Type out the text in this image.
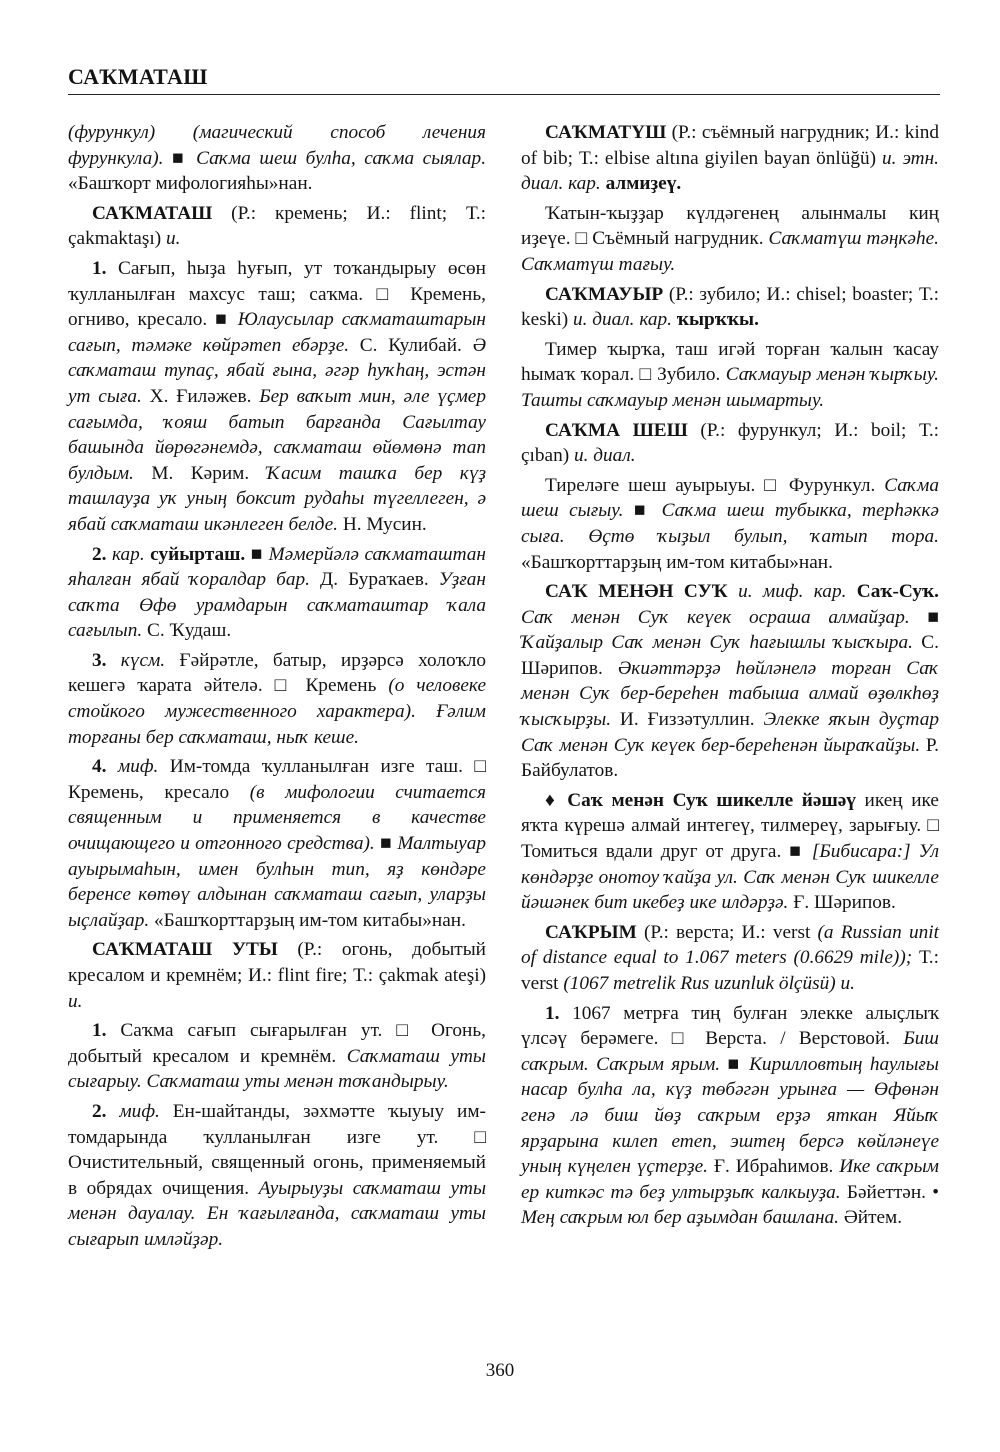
САҠМАТАШ

(фурункул) (магический способ лечения фурункула). ■ Саҡма шеш булһа, саҡма сыялар. «Башҡорт мифологияһы»нан.

САҠМАТАШ (Р.: кремень; И.: flint; Т.: çakmaktaşı) и.

1. Сағып, һыҙа һуғып, ут тоҡандырыу өсөн ҡулланылған махсус таш; саҡма. □ Кремень, огниво, кресало. ■ Юлаусылар саҡматаштарын сағып, тәмәке көйрәтеп ебәрҙе. С. Кулибай. Ә саҡматаш тупаҫ, ябай ғына, әгәр һуҡһаң, эстән ут сыға. Х. Ғиләжев. Бер ваҡыт мин, әле үҫмер сағымда, ҡояш батып барғанда Сағылтау башында йөрөгәнемдә, саҡматаш өйөмөнә тап булдым. М. Кәрим. Ҡасим ташҡа бер күҙ ташлауҙа уҡ уның боксит рудаһы түгеллеген, ә ябай саҡматаш икәнлеген белде. Н. Мусин.

2. кар. суйырташ. ■ Мәмерйәлә саҡматаштан яһалған ябай ҡоралдар бар. Д. Бураҡаев. Уҙған саҡта Өфө урамдарын саҡматаштар ҡала сағылып. С. Ҡудаш.

3. күсм. Ғәйрәтле, батыр, ирҙәрсә холоҡло кешегә ҡарата әйтелә. □ Кремень (о человеке стойкого мужественного характера). Ғәлим торғаны бер саҡматаш, ныҡ кеше.

4. миф. Им-томда ҡулланылған изге таш. □ Кремень, кресало (в мифологии считается священным и применяется в качестве очищающего и отгонного средства). ■ Малтыуар ауырымаһын, имен булһын тип, яҙ көндәре беренсе көтөү алдынан саҡматаш сағып, уларҙы ыҫлайҙар. «Башҡорттарҙың им-том китабы»нан.

САҠМАТАШ УТЫ (Р.: огонь, добытый кресалом и кремнём; И.: flint fire; Т.: çakmak ateşi) и.

1. Саҡма сағып сығарылған ут. □ Огонь, добытый кресалом и кремнём. Саҡматаш уты сығарыу. Саҡматаш уты менән тоҡандырыу.

2. миф. Ен-шайтанды, зәхмәтте ҡыуыу им-томдарында ҡулланылған изге ут. □ Очистительный, священный огонь, применяемый в обрядах очищения. Ауырыуҙы саҡматаш уты менән дауалау. Ен ҡағылғанда, саҡматаш уты сығарып имләйҙәр.

САҠМАТҮШ (Р.: съёмный нагрудник; И.: kind of bib; Т.: elbise altına giyilen bayan önlüğü) и. этн. диал. кар. алмиҙеү.

Ҡатын-ҡыҙҙар күлдәгенең алынмалы киң иҙеүе. □ Съёмный нагрудник. Саҡматүш тәңкәһе. Саҡматүш тағыу.

САҠМАУЫР (Р.: зубило; И.: chisel; boaster; Т.: keski) и. диал. кар. ҡырҡҡы.

Тимер ҡырҡа, таш игәй торған ҡалын ҡасау һымаҡ ҡорал. □ Зубило. Саҡмауыр менән ҡырҡыу. Ташты саҡмауыр менән шымартыу.

САҠМА ШЕШ (Р.: фурункул; И.: boil; Т.: çıban) и. диал.

Тиреләге шеш ауырыуы. □ Фурункул. Саҡма шеш сығыу. ■ Саҡма шеш тубыкка, терһәккә сыға. Өҫтө ҡыҙыл булып, ҡатып тора. «Башҡорттарҙың им-том китабы»нан.

САҠ МЕНӘН СУҠ и. миф. кар. Саҡ-Суҡ. Саҡ менән Суҡ кеүек осраша алмайҙар. ■ Ҡайҙалыр Саҡ менән Суҡ һағышлы ҡысҡыра. С. Шәрипов. Әкиәттәрҙә һөйләнелә торған Саҡ менән Суҡ бер-береһен табыша алмай өҙөлкһөҙ ҡысҡырҙы. И. Ғиззәтуллин. Элекке яҡын дуҫтар Саҡ менән Суҡ кеүек бер-береһенән йыраҡайҙы. Р. Байбулатов.

♦ Саҡ менән Суҡ шикелле йәшәү икең ике яҡта күрешә алмай интегеү, тилмереү, зарығыу. □ Томиться вдали друг от друга. ■ [Бибисара:] Ул көндәрҙе онотоу ҡайҙа ул. Саҡ менән Суҡ шикелле йәшәнек бит икебеҙ икe илдәрҙә. Ғ. Шәрипов.

САҠРЫМ (Р.: верста; И.: verst (a Russian unit of distance equal to 1.067 meters (0.6629 mile)); Т.: verst (1067 metrelik Rus uzunluk ölçüsü) и.

1. 1067 метрға тиң булған элекке алыҫлыҡ үлсәү берәмеге. □ Верста. / Верстовой. Биш саҡрым. Саҡрым ярым. ■ Кирилловтың һаулығы насар булһа ла, күҙ төбәгән урынға — Өфөнән генә лә биш йөҙ саҡрым ерҙә яткан Яйыҡ ярҙарына килеп етеп, эштең берсә көйләнеүе уның күңелен үҫтерҙе. Ғ. Ибраһимов. Ике саҡрым ер киткәс тә беҙ ултырҙыҡ калкыуҙа. Бәйеттән. • Мең саҡрым юл бер аҙымдан башлана. Әйтем.

360
